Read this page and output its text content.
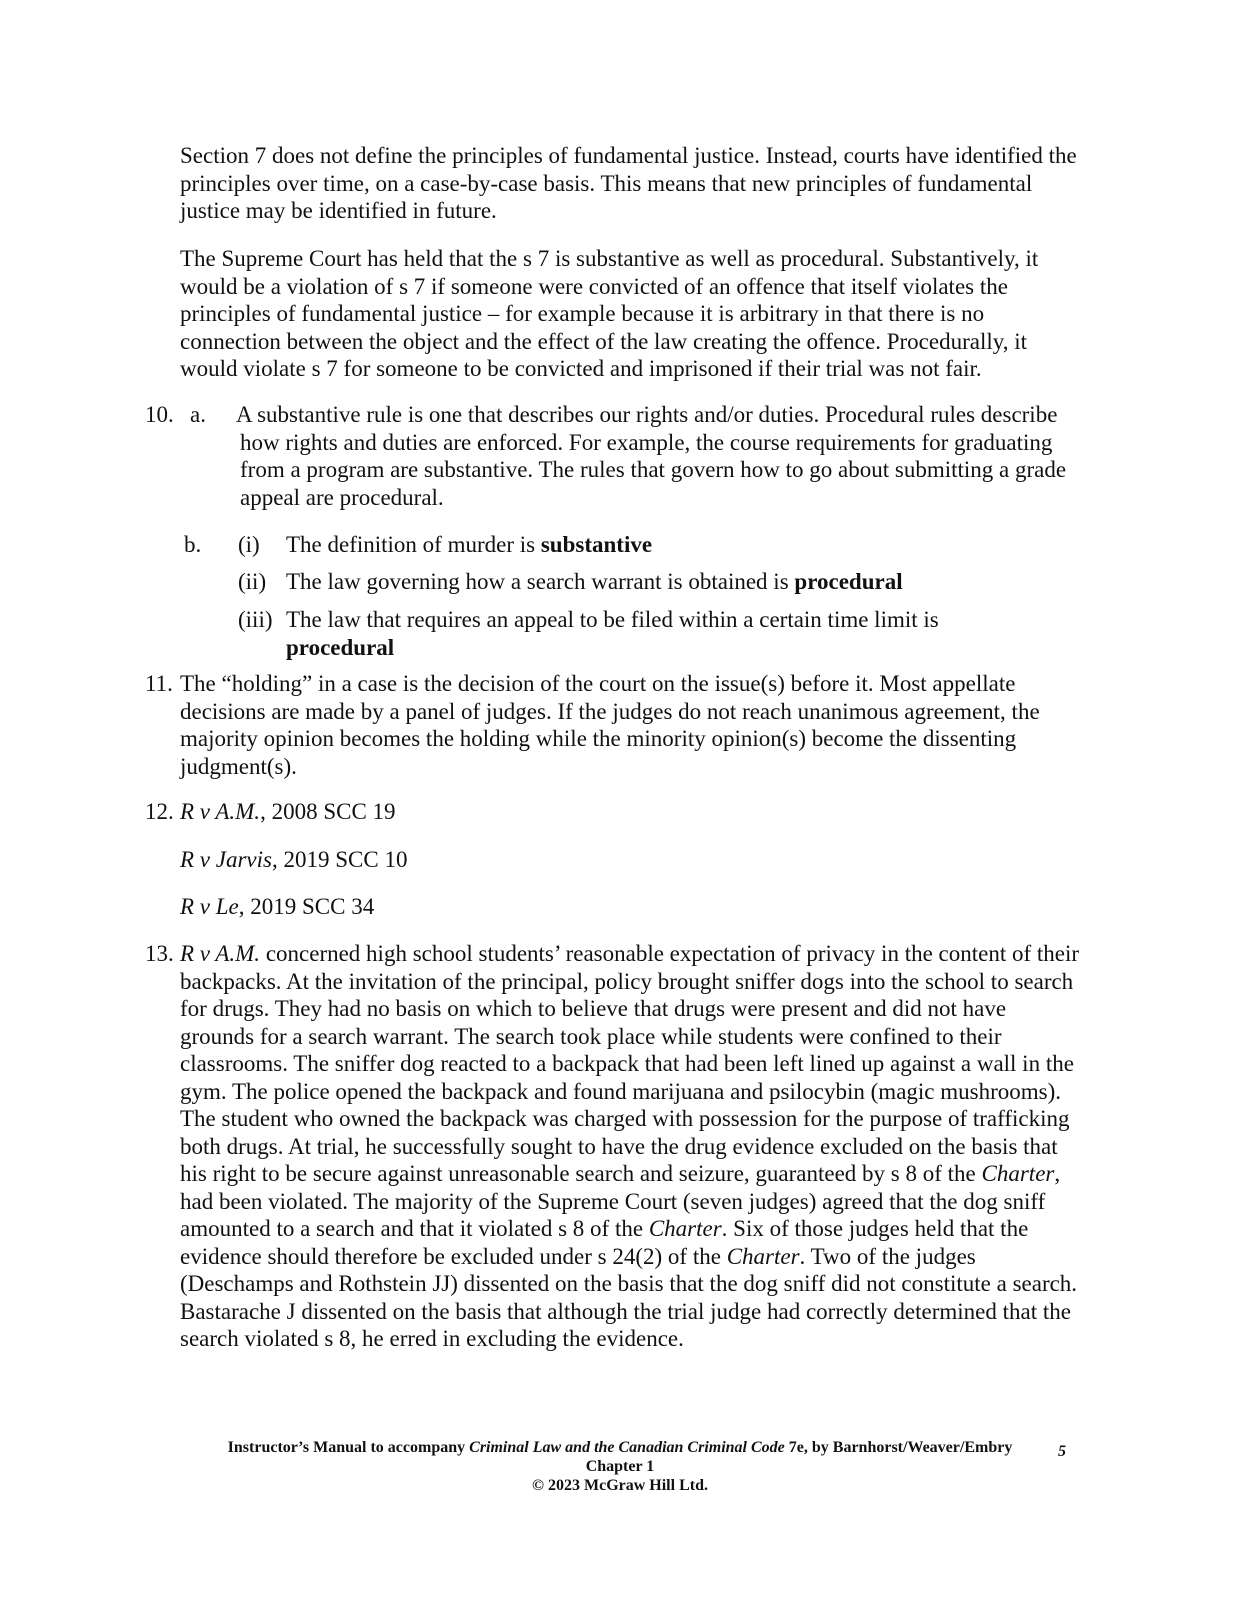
Section 7 does not define the principles of fundamental justice. Instead, courts have identified the principles over time, on a case-by-case basis. This means that new principles of fundamental justice may be identified in future.

The Supreme Court has held that the s 7 is substantive as well as procedural. Substantively, it would be a violation of s 7 if someone were convicted of an offence that itself violates the principles of fundamental justice – for example because it is arbitrary in that there is no connection between the object and the effect of the law creating the offence. Procedurally, it would violate s 7 for someone to be convicted and imprisoned if their trial was not fair.

10. a. A substantive rule is one that describes our rights and/or duties. Procedural rules describe how rights and duties are enforced. For example, the course requirements for graduating from a program are substantive. The rules that govern how to go about submitting a grade appeal are procedural.

b. (i) The definition of murder is substantive

(ii) The law governing how a search warrant is obtained is procedural

(iii) The law that requires an appeal to be filed within a certain time limit is procedural

11. The “holding” in a case is the decision of the court on the issue(s) before it. Most appellate decisions are made by a panel of judges. If the judges do not reach unanimous agreement, the majority opinion becomes the holding while the minority opinion(s) become the dissenting judgment(s).

12. R v A.M., 2008 SCC 19

R v Jarvis, 2019 SCC 10

R v Le, 2019 SCC 34

13. R v A.M. concerned high school students’ reasonable expectation of privacy in the content of their backpacks. At the invitation of the principal, policy brought sniffer dogs into the school to search for drugs. They had no basis on which to believe that drugs were present and did not have grounds for a search warrant. The search took place while students were confined to their classrooms. The sniffer dog reacted to a backpack that had been left lined up against a wall in the gym. The police opened the backpack and found marijuana and psilocybin (magic mushrooms). The student who owned the backpack was charged with possession for the purpose of trafficking both drugs. At trial, he successfully sought to have the drug evidence excluded on the basis that his right to be secure against unreasonable search and seizure, guaranteed by s 8 of the Charter, had been violated. The majority of the Supreme Court (seven judges) agreed that the dog sniff amounted to a search and that it violated s 8 of the Charter. Six of those judges held that the evidence should therefore be excluded under s 24(2) of the Charter. Two of the judges (Deschamps and Rothstein JJ) dissented on the basis that the dog sniff did not constitute a search. Bastarache J dissented on the basis that although the trial judge had correctly determined that the search violated s 8, he erred in excluding the evidence.

Instructor’s Manual to accompany Criminal Law and the Canadian Criminal Code 7e, by Barnhorst/Weaver/Embry
Chapter 1
© 2023 McGraw Hill Ltd.
5
